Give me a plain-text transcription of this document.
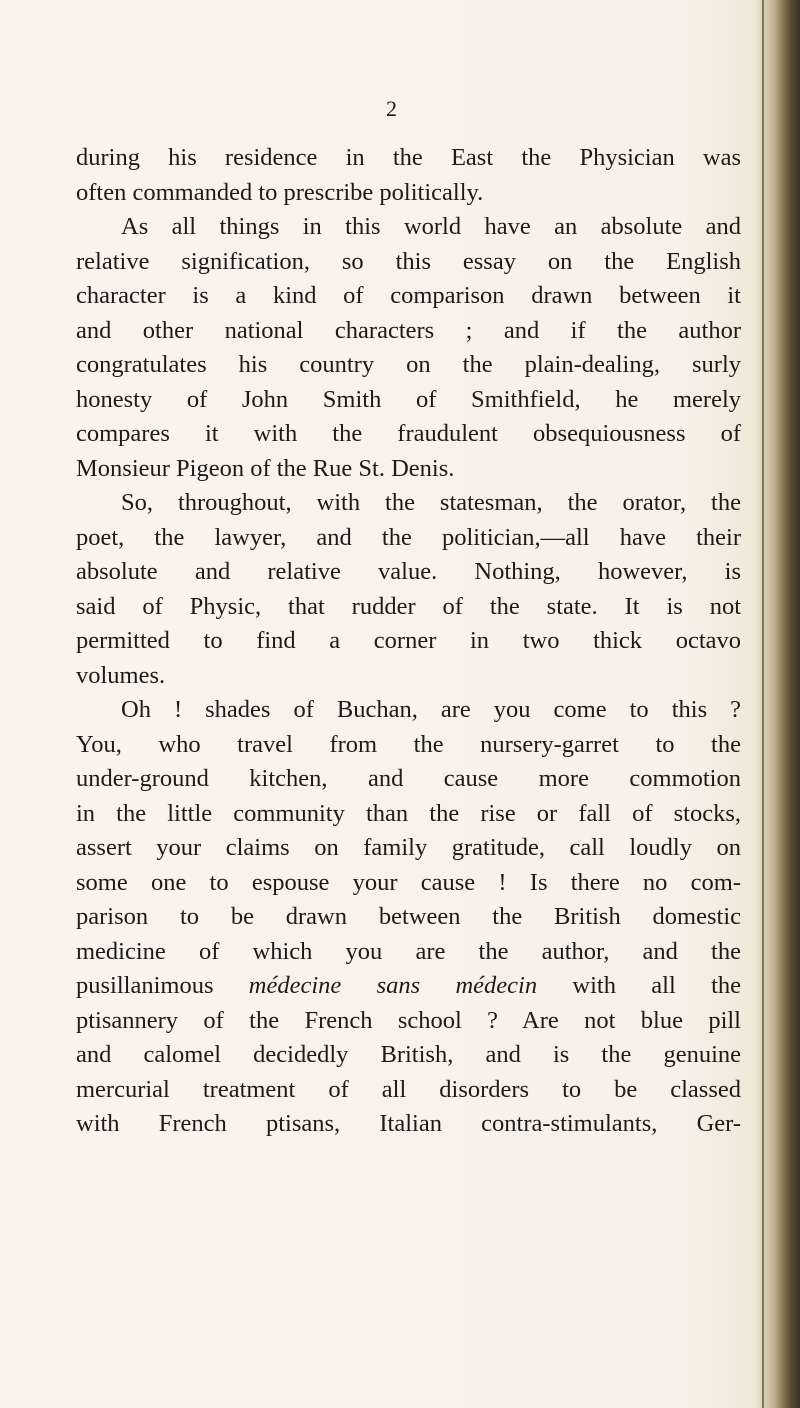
2
during his residence in the East the Physician was
often commanded to prescribe politically.
As all things in this world have an absolute and
relative signification, so this essay on the English
character is a kind of comparison drawn between it
and other national characters ; and if the author
congratulates his country on the plain-dealing, surly
honesty of John Smith of Smithfield, he merely
compares it with the fraudulent obsequiousness of
Monsieur Pigeon of the Rue St. Denis.
So, throughout, with the statesman, the orator, the
poet, the lawyer, and the politician,—all have their
absolute and relative value. Nothing, however, is
said of Physic, that rudder of the state. It is not
permitted to find a corner in two thick octavo
volumes.
Oh ! shades of Buchan, are you come to this ?
You, who travel from the nursery-garret to the
under-ground kitchen, and cause more commotion
in the little community than the rise or fall of stocks,
assert your claims on family gratitude, call loudly on
some one to espouse your cause ! Is there no com-
parison to be drawn between the British domestic
medicine of which you are the author, and the
pusillanimous médecine sans médecin with all the
ptisannery of the French school ? Are not blue pill
and calomel decidedly British, and is the genuine
mercurial treatment of all disorders to be classed
with French ptisans, Italian contra-stimulants, Ger-
